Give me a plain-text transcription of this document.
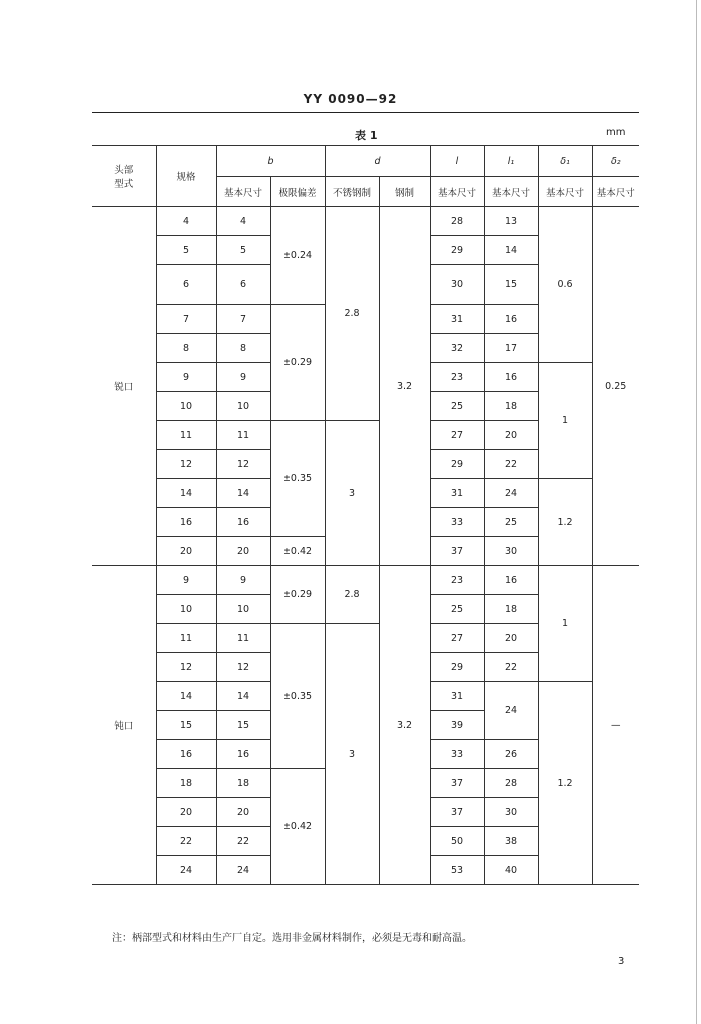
YY 0090—92
表 1	mm
头部
型式	规格	b		d		l	l₁	δ₁	δ₂
		基本尺寸	极限偏差	不锈钢制	钢制	基本尺寸	基本尺寸	基本尺寸	基本尺寸
锐口	4	4	±0.24	2.8	3.2	28	13	0.6	0.25
	5	5				29	14		
	6	6				30	15		
	7	7	±0.29			31	16		
	8	8				32	17		
	9	9				23	16	1	
	10	10				25	18		
	11	11	±0.35	3		27	20		
	12	12				29	22		
	14	14				31	24	1.2	
	16	16				33	25		
	20	20	±0.42			37	30		
钝口	9	9	±0.29	2.8	3.2	23	16	1	—
	10	10				25	18		
	11	11	±0.35	3		27	20		
	12	12				29	22		
	14	14				31	24	1.2	
	15	15				39			
	16	16				33	26		
	18	18	±0.42			37	28		
	20	20				37	30		
	22	22				50	38		
	24	24				53	40		
注：柄部型式和材料由生产厂自定。选用非金属材料制作，必须是无毒和耐高温。
3
